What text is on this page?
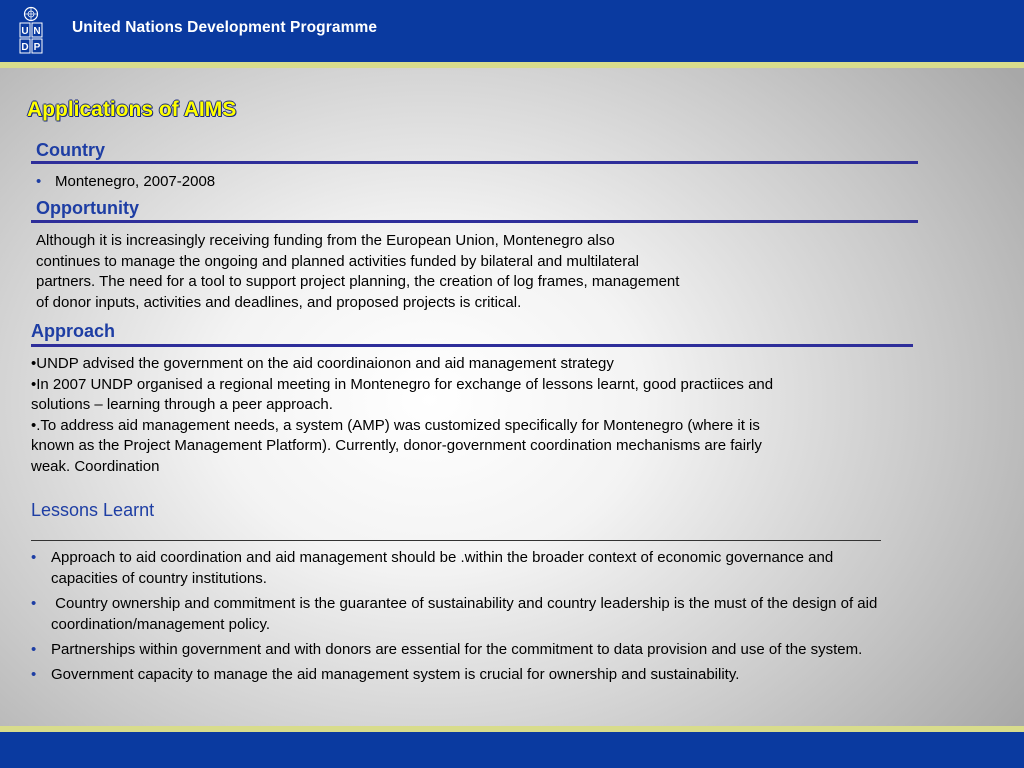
U N
D P
United Nations Development Programme
Applications of AIMS
Country
• Montenegro, 2007-2008
Opportunity
Although it is increasingly receiving funding from the European Union, Montenegro also
continues to manage the ongoing and planned activities funded by bilateral and multilateral
partners. The need for a tool to support project planning, the creation of log frames, management
of donor inputs, activities and deadlines, and proposed projects is critical.
Approach
•UNDP advised the government on the aid coordinaionon and aid management strategy
•In 2007 UNDP organised a regional meeting in Montenegro for exchange of lessons learnt, good practiices and
solutions – learning through a peer approach.
•.To address aid management needs, a system (AMP) was customized specifically for Montenegro (where it is
known as the Project Management Platform). Currently, donor-government coordination mechanisms are fairly
weak. Coordination
Lessons Learnt
• Approach to aid coordination and aid management should be .within the broader context of economic governance and capacities of country institutions.
• Country ownership and commitment is the guarantee of sustainability and country leadership is the must of the design of aid coordination/management policy.
• Partnerships within government and with donors are essential for the commitment to data provision and use of the system.
• Government capacity to manage the aid management system is crucial for ownership and sustainability.
